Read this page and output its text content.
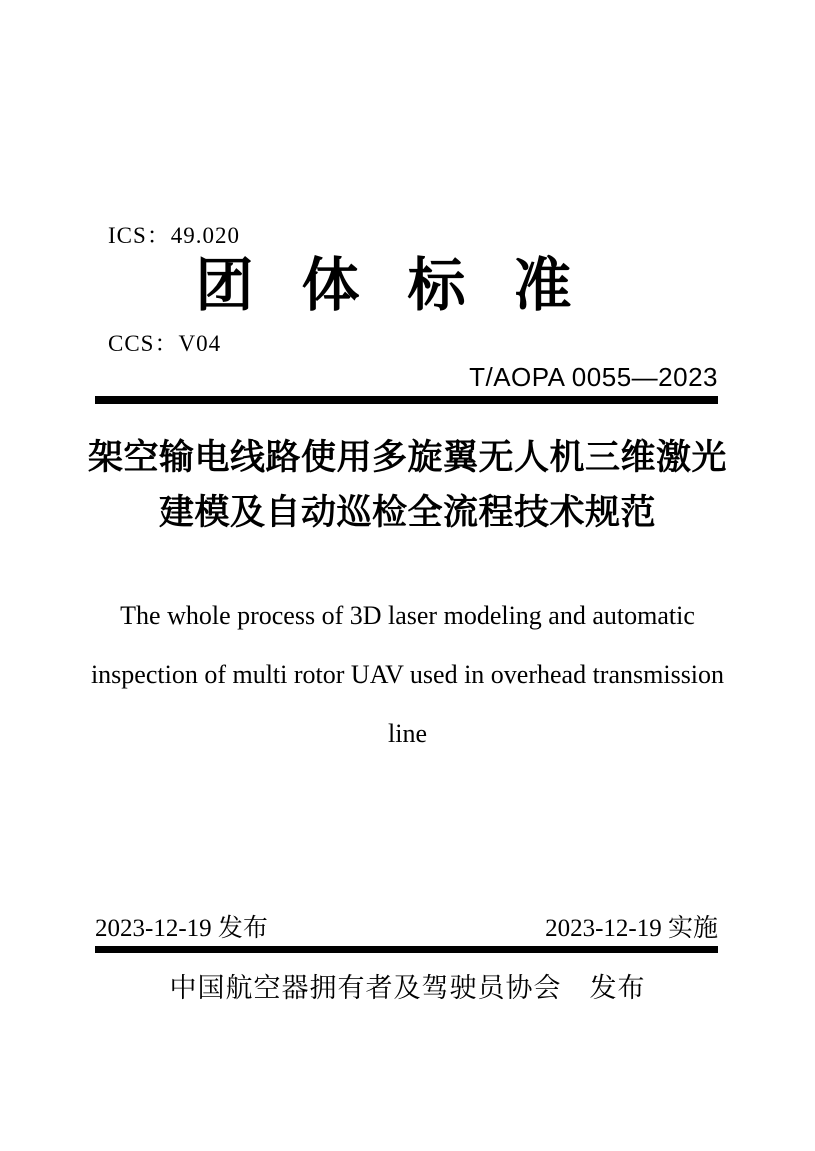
ICS：49.020

CCS：V04

团体标准
T/AOPA 0055—2023
架空输电线路使用多旋翼无人机三维激光
建模及自动巡检全流程技术规范
The whole process of 3D laser modeling and automatic
inspection of multi rotor UAV used in overhead transmission
line
2023-12-19 发布	2023-12-19 实施
中国航空器拥有者及驾驶员协会　发布
